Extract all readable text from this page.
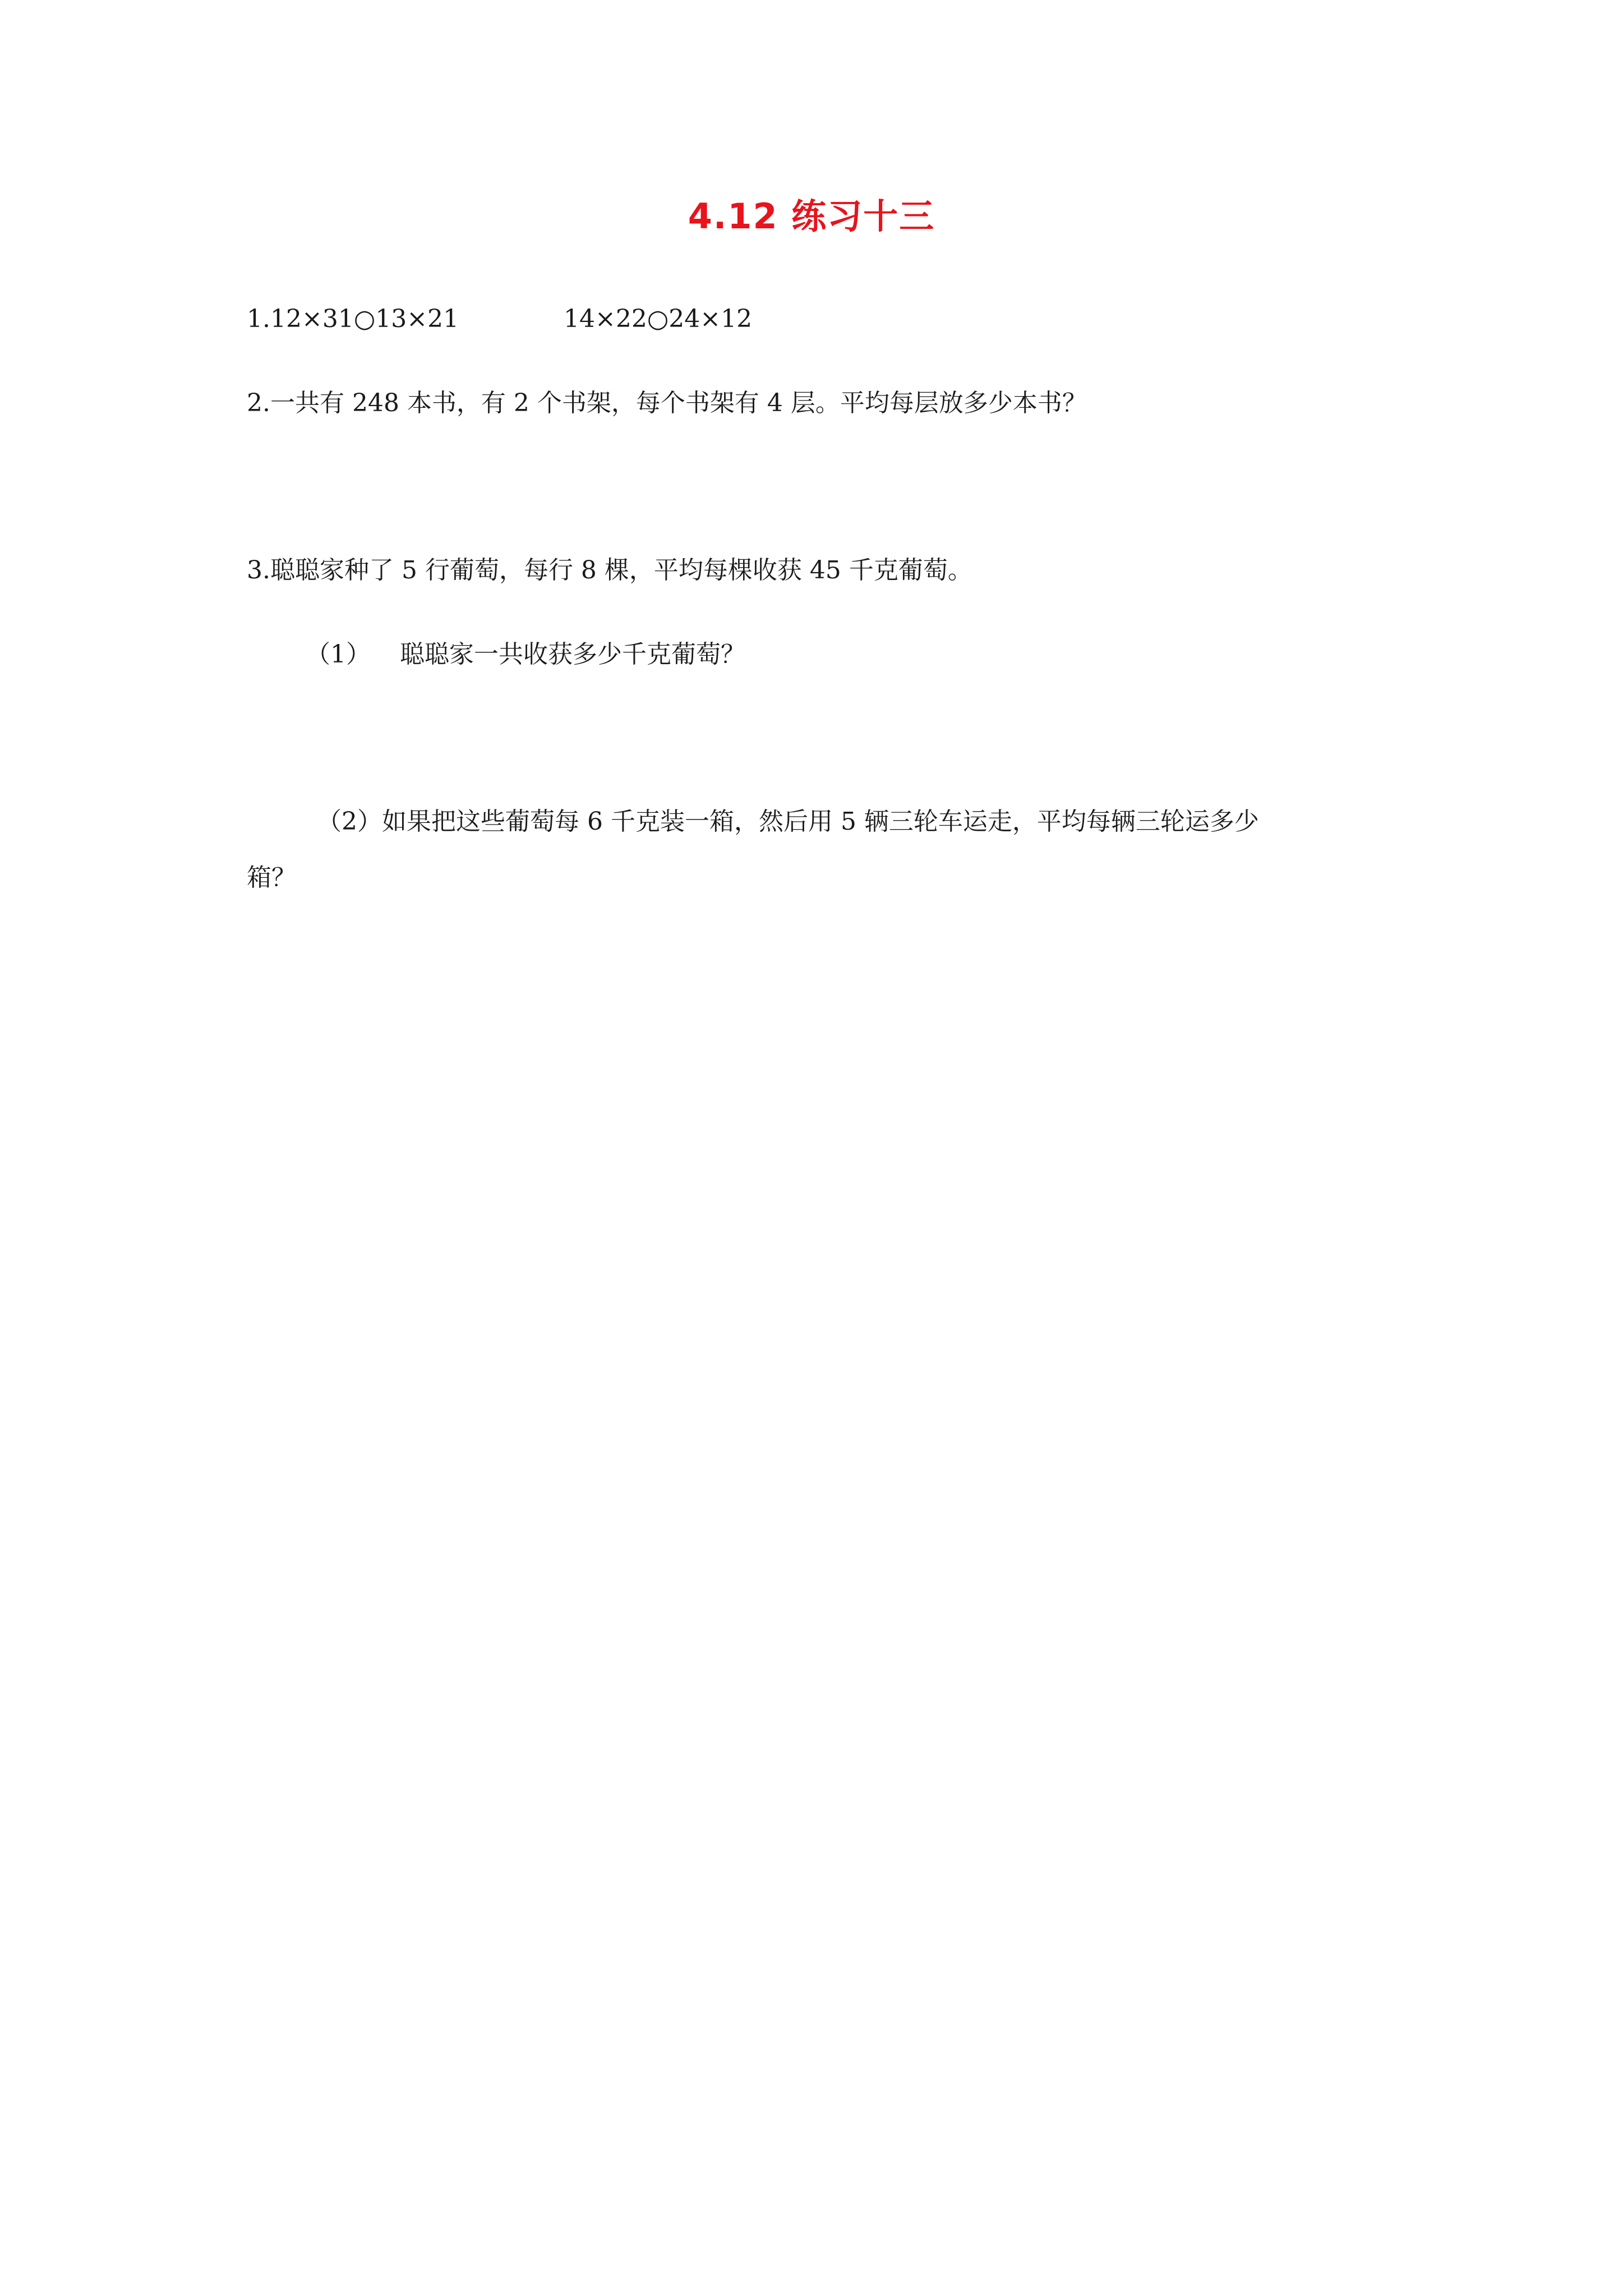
4.12 练习十三
1.12×31○13×21	14×22○24×12
2.一共有 248 本书，有 2 个书架，每个书架有 4 层。平均每层放多少本书？
3.聪聪家种了 5 行葡萄，每行 8 棵，平均每棵收获 45 千克葡萄。
（1） 聪聪家一共收获多少千克葡萄？
（2）如果把这些葡萄每 6 千克装一箱，然后用 5 辆三轮车运走，平均每辆三轮运多少
箱？
